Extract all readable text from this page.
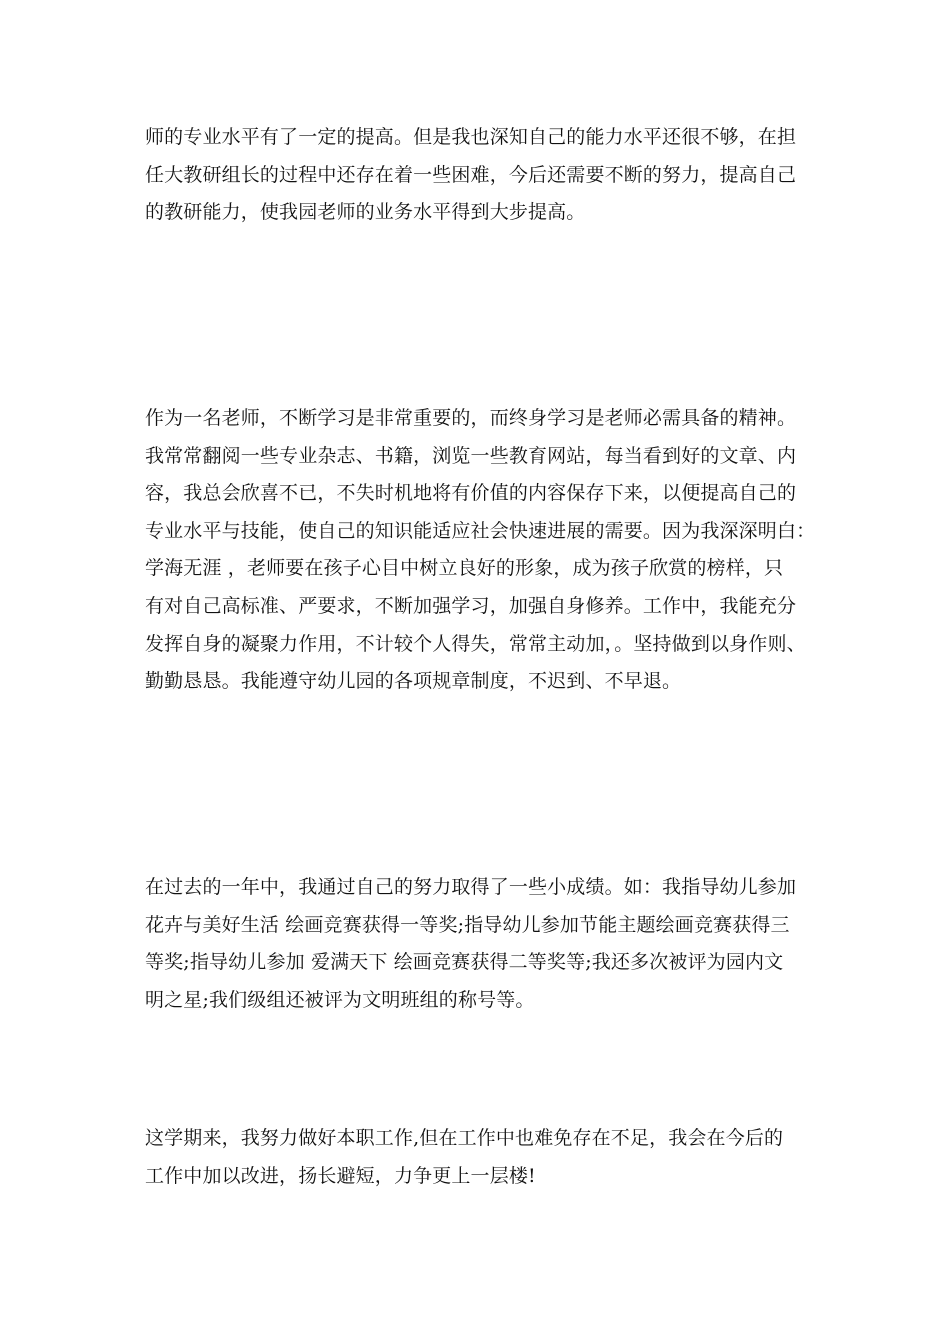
师的专业水平有了一定的提高。但是我也深知自己的能力水平还很不够，在担
任大教研组长的过程中还存在着一些困难，今后还需要不断的努力，提高自己
的教研能力，使我园老师的业务水平得到大步提高。

作为一名老师，不断学习是非常重要的，而终身学习是老师必需具备的精神。
我常常翻阅一些专业杂志、书籍，浏览一些教育网站，每当看到好的文章、内
容，我总会欣喜不已，不失时机地将有价值的内容保存下来，以便提高自己的
专业水平与技能，使自己的知识能适应社会快速进展的需要。因为我深深明白：
学海无涯 ，老师要在孩子心目中树立良好的形象，成为孩子欣赏的榜样，只
有对自己高标准、严要求，不断加强学习，加强自身修养。工作中，我能充分
发挥自身的凝聚力作用，不计较个人得失，常常主动加，。坚持做到以身作则、
勤勤恳恳。我能遵守幼儿园的各项规章制度，不迟到、不早退。

在过去的一年中，我通过自己的努力取得了一些小成绩。如：我指导幼儿参加
花卉与美好生活 绘画竞赛获得一等奖;指导幼儿参加节能主题绘画竞赛获得三
等奖;指导幼儿参加 爱满天下 绘画竞赛获得二等奖等;我还多次被评为园内文
明之星;我们级组还被评为文明班组的称号等。

这学期来，我努力做好本职工作,但在工作中也难免存在不足，我会在今后的
工作中加以改进，扬长避短，力争更上一层楼!
